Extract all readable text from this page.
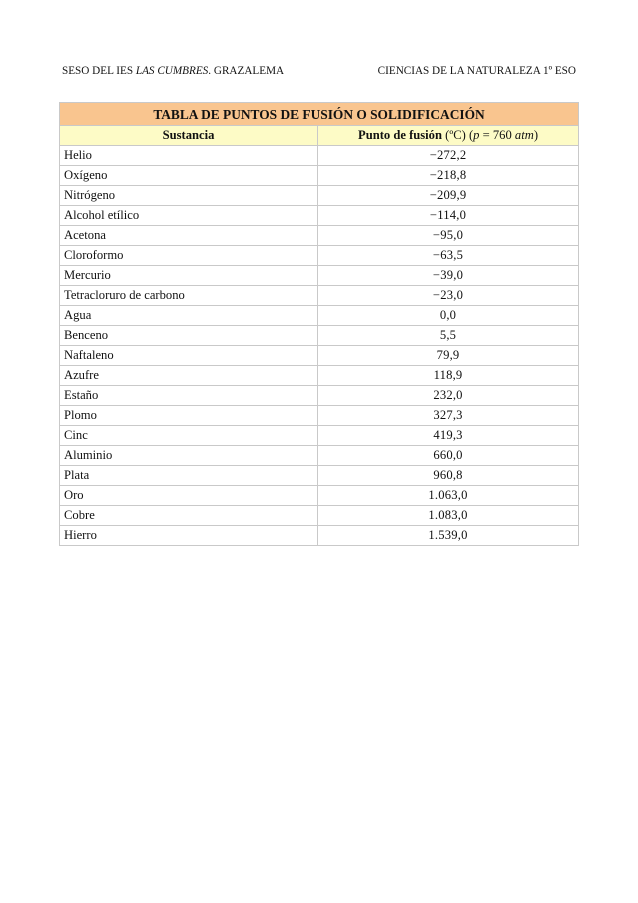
SESO DEL IES LAS CUMBRES. GRAZALEMA	CIENCIAS DE LA NATURALEZA 1º ESO
TABLA DE PUNTOS DE FUSIÓN O SOLIDIFICACIÓN	
Sustancia	Punto de fusión (ºC) (p = 760 atm)
Helio	−272,2
Oxígeno	−218,8
Nitrógeno	−209,9
Alcohol etílico	−114,0
Acetona	−95,0
Cloroformo	−63,5
Mercurio	−39,0
Tetracloruro de carbono	−23,0
Agua	0,0
Benceno	5,5
Naftaleno	79,9
Azufre	118,9
Estaño	232,0
Plomo	327,3
Cinc	419,3
Aluminio	660,0
Plata	960,8
Oro	1.063,0
Cobre	1.083,0
Hierro	1.539,0
